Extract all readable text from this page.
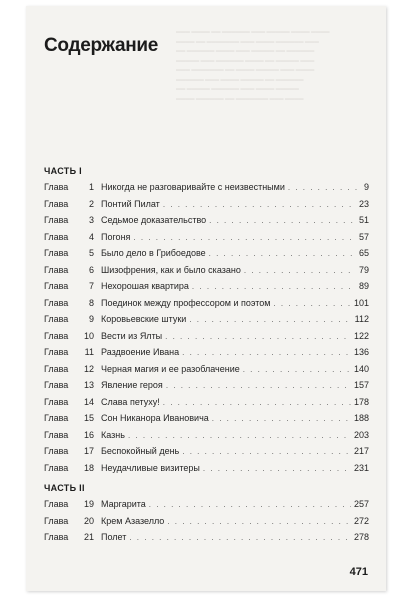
▁▁▁ ▁▁▁▁ ▁▁ ▁▁▁▁▁▁ ▁▁▁ ▁▁▁▁▁ ▁▁▁▁ ▁▁▁▁
▁▁▁▁ ▁▁ ▁▁▁▁▁▁▁ ▁▁▁ ▁▁▁▁ ▁▁▁▁▁▁ ▁▁▁
▁▁ ▁▁▁▁▁▁ ▁▁▁▁ ▁▁▁ ▁▁▁▁▁ ▁▁ ▁▁▁▁▁▁
▁▁▁▁▁ ▁▁▁ ▁▁▁▁▁▁ ▁▁▁▁ ▁▁ ▁▁▁▁▁ ▁▁▁
▁▁▁ ▁▁▁▁▁▁▁ ▁▁ ▁▁▁▁ ▁▁▁▁▁ ▁▁▁ ▁▁▁▁
▁▁▁▁▁▁ ▁▁▁ ▁▁▁▁ ▁▁▁▁▁ ▁▁ ▁▁▁▁▁▁
▁▁ ▁▁▁▁▁ ▁▁▁▁▁▁ ▁▁▁ ▁▁▁▁ ▁▁▁▁▁
▁▁▁▁ ▁▁▁▁▁▁ ▁▁ ▁▁▁▁▁▁▁ ▁▁▁ ▁▁▁▁
Содержание
ЧАСТЬ I
Глава	1 Никогда не разговаривайте с неизвестными . . .	9
Глава	2 Понтий Пилат . . .	23
Глава	3 Седьмое доказательство . . .	51
Глава	4 Погоня . . .	57
Глава	5 Было дело в Грибоедове . . .	65
Глава	6 Шизофрения, как и было сказано . . .	79
Глава	7 Нехорошая квартира . . .	89
Глава	8 Поединок между профессором и поэтом . . .	101
Глава	9 Коровьевские штуки . . .	112
Глава	10 Вести из Ялты . . .	122
Глава	11 Раздвоение Ивана . . .	136
Глава	12 Черная магия и ее разоблачение . . .	140
Глава	13 Явление героя . . .	157
Глава	14 Слава петуху! . . .	178
Глава	15 Сон Никанора Ивановича . . .	188
Глава	16 Казнь . . .	203
Глава	17 Беспокойный день . . .	217
Глава	18 Неудачливые визитеры . . .	231
ЧАСТЬ II
Глава	19 Маргарита . . .	257
Глава	20 Крем Азазелло . . .	272
Глава	21 Полет . . .	278
471
